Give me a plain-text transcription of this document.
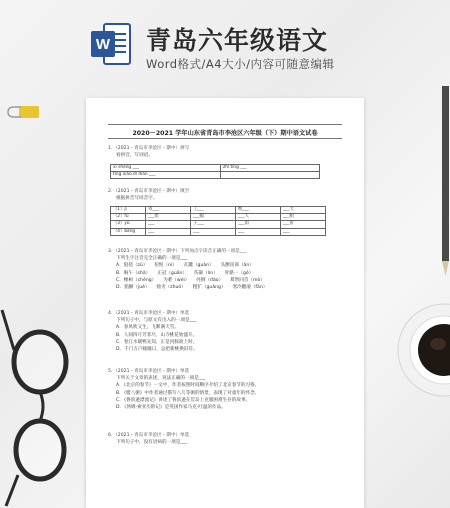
W 青岛六年级语文
Word格式/A4大小/内容可随意编辑
2020－2021 学年山东省青岛市李沧区六年级（下）期中语文试卷
1．（2021・青岛市李沧区・期中）拼写
看拼音，写词语。
xī shēng ___	zhì tǐng ___
tǐng xiǎo dì diàn ___	
2．（2021・青岛市李沧区・期中）填空
根据拼音写同音字。
（1）jì	寄___	工___	继___	___天
（2）fú	___错	___幅	___人	___帽
（3）yǔ	___	子___	___雨	___宙
（4）bǎng	___	___	___	___
3．（2021・青岛市李沧区・期中）下列加点字读音正确的一项是___
下列生字注音完全正确的一项是___
A．阻挠（zǔ）　　扭怩（ní）　　瓦罐（guàn）　　头颤顶部（ǎn）
B．晌午（shǎ）　　正冠（guān）　　伤凝（lín）　　骨骼一（gé）
C．橡树（chéng）　　为难（wéi）　　亮倒（dǎo）　　蓦然回首（mò）
D．猖獗（jué）　　拙劣（zhuó）　　粗犷（guǎng）　　寒冷翻滚（fān）
4．（2021・青岛市李沧区・期中）单选
下列句子中，与原文有出入的一项是___
A．春风吹又生，飞絮满天雪。
B．人间四月芳菲尽，山寺桃花始盛开。
C．春江水暖鸭先知，正是河豚欲上时。
D．千门万户曈曈日，总把新桃换旧符。
5．（2021・青岛市李沧区・期中）单选
下列关于文章的表述，说法正确的一项是___
A．《北京的春节》一文中，作者按照时间顺序介绍了北京春节的习俗。
B．《腊八粥》中作者通过描写八儿等粥的情景，表现了对童年的怀念。
C．《鲁滨逊漂流记》讲述了鲁滨逊在荒岛上克服困难生存的故事。
D．《汤姆·索亚历险记》是英国作家马克·吐温的作品。
6．（2021・青岛市李沧区・期中）单选
下列句子中，没有语病的一项是___
